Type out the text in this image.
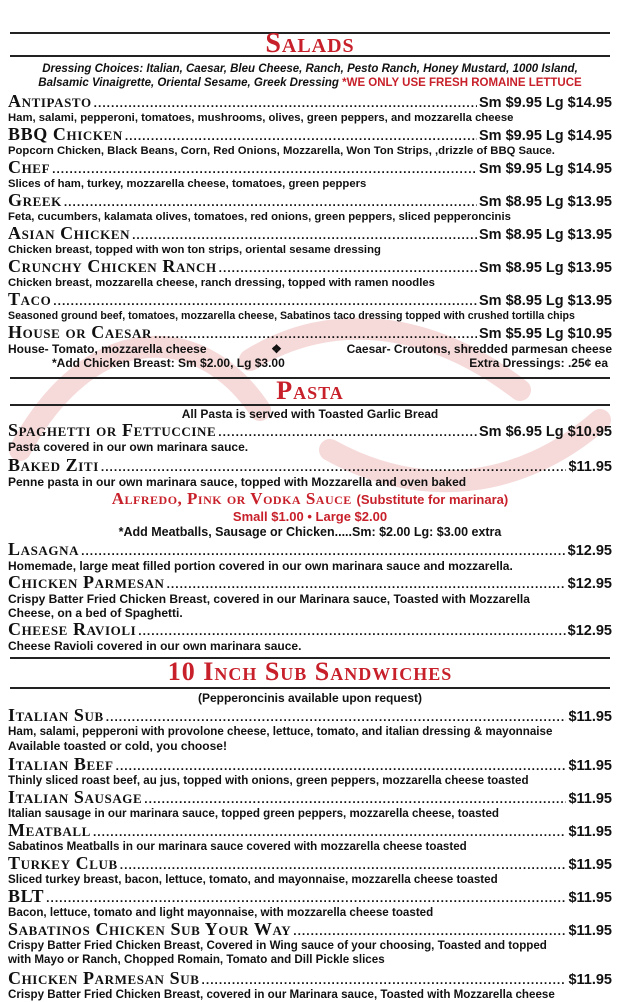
Salads
Dressing Choices: Italian, Caesar, Bleu Cheese, Ranch, Pesto Ranch, Honey Mustard, 1000 Island,
Balsamic Vinaigrette, Oriental Sesame, Greek Dressing *WE ONLY USE FRESH ROMAINE LETTUCE
Antipasto .....	Sm $9.95 Lg $14.95
Ham, salami, pepperoni, tomatoes, mushrooms, olives, green peppers, and mozzarella cheese
BBQ Chicken .....	Sm $9.95 Lg $14.95
Popcorn Chicken, Black Beans, Corn, Red Onions, Mozzarella, Won Ton Strips, ,drizzle of BBQ Sauce.
Chef .....	Sm $9.95 Lg $14.95
Slices of ham, turkey, mozzarella cheese, tomatoes, green peppers
Greek .....	Sm $8.95 Lg $13.95
Feta, cucumbers, kalamata olives, tomatoes, red onions, green peppers, sliced pepperoncinis
Asian Chicken .....	Sm $8.95 Lg $13.95
Chicken breast, topped with won ton strips, oriental sesame dressing
Crunchy Chicken Ranch .....	Sm $8.95 Lg $13.95
Chicken breast, mozzarella cheese, ranch dressing, topped with ramen noodles
Taco .....	Sm $8.95 Lg $13.95
Seasoned ground beef, tomatoes, mozzarella cheese, Sabatinos taco dressing topped with crushed tortilla chips
House or Caesar .....	Sm $5.95 Lg $10.95
House- Tomato, mozzarella cheese	❖	Caesar- Croutons, shredded parmesan cheese
*Add Chicken Breast: Sm $2.00, Lg $3.00	Extra Dressings: .25¢ ea
Pasta
All Pasta is served with Toasted Garlic Bread
Spaghetti or Fettuccine .....	Sm $6.95 Lg $10.95
Pasta covered in our own marinara sauce.
Baked Ziti .....	$11.95
Penne pasta in our own marinara sauce, topped with Mozzarella and oven baked
Alfredo, Pink or Vodka Sauce (Substitute for marinara)
Small $1.00 • Large $2.00
*Add Meatballs, Sausage or Chicken.....Sm: $2.00 Lg: $3.00 extra
Lasagna .....	$12.95
Homemade, large meat filled portion covered in our own marinara sauce and mozzarella.
Chicken Parmesan .....	$12.95
Crispy Batter Fried Chicken Breast, covered in our Marinara sauce, Toasted with Mozzarella
Cheese, on a bed of Spaghetti.
Cheese Ravioli .....	$12.95
Cheese Ravioli covered in our own marinara sauce.
10 Inch Sub Sandwiches
(Pepperoncinis available upon request)
Italian Sub .....	$11.95
Ham, salami, pepperoni with provolone cheese, lettuce, tomato, and italian dressing & mayonnaise
Available toasted or cold, you choose!
Italian Beef .....	$11.95
Thinly sliced roast beef, au jus, topped with onions, green peppers, mozzarella cheese toasted
Italian Sausage .....	$11.95
Italian sausage in our marinara sauce, topped green peppers, mozzarella cheese, toasted
Meatball .....	$11.95
Sabatinos Meatballs in our marinara sauce covered with mozzarella cheese toasted
Turkey Club .....	$11.95
Sliced turkey breast, bacon, lettuce, tomato, and mayonnaise, mozzarella cheese toasted
BLT .....	$11.95
Bacon, lettuce, tomato and light mayonnaise, with mozzarella cheese toasted
Sabatinos Chicken Sub Your Way .....	$11.95
Crispy Batter Fried Chicken Breast, Covered in Wing sauce of your choosing, Toasted and topped
with Mayo or Ranch, Chopped Romain, Tomato and Dill Pickle slices
Chicken Parmesan Sub .....	$11.95
Crispy Batter Fried Chicken Breast, covered in our Marinara sauce, Toasted with Mozzarella cheese
